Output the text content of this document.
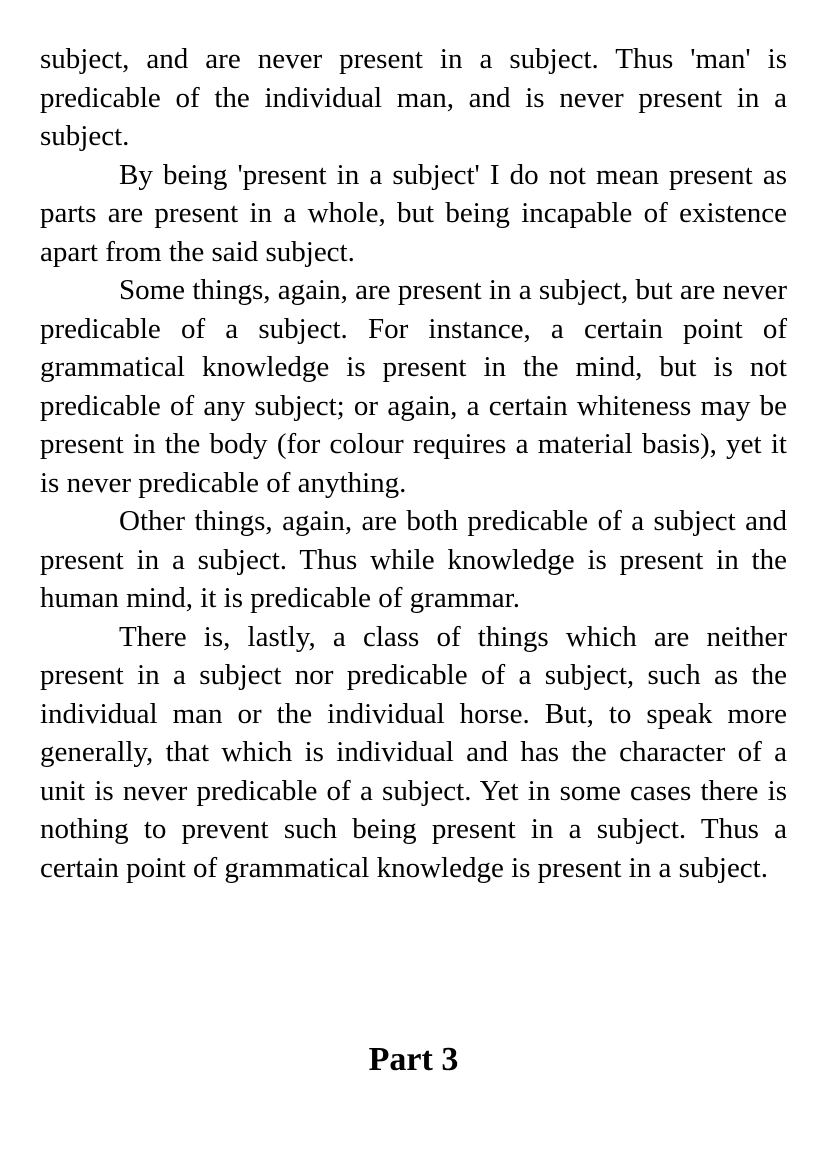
subject, and are never present in a subject. Thus 'man' is predicable of the individual man, and is never present in a subject.

By being 'present in a subject' I do not mean present as parts are present in a whole, but being incapable of existence apart from the said subject.

Some things, again, are present in a subject, but are never predicable of a subject. For instance, a certain point of grammatical knowledge is present in the mind, but is not predicable of any subject; or again, a certain whiteness may be present in the body (for colour requires a material basis), yet it is never predicable of anything.

Other things, again, are both predicable of a subject and present in a subject. Thus while knowledge is present in the human mind, it is predicable of grammar.

There is, lastly, a class of things which are neither present in a subject nor predicable of a subject, such as the individual man or the individual horse. But, to speak more generally, that which is individual and has the character of a unit is never predicable of a subject. Yet in some cases there is nothing to prevent such being present in a subject. Thus a certain point of grammatical knowledge is present in a subject.

Part 3
